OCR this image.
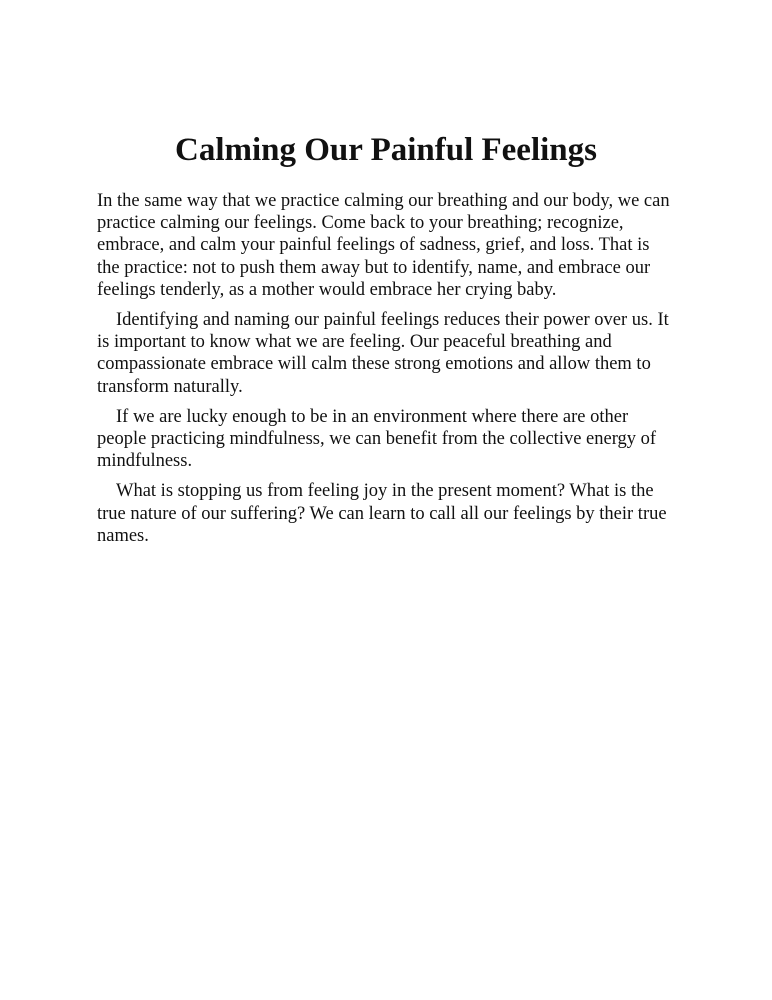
Calming Our Painful Feelings

In the same way that we practice calming our breathing and our body, we can practice calming our feelings. Come back to your breathing; recognize, embrace, and calm your painful feelings of sadness, grief, and loss. That is the practice: not to push them away but to identify, name, and embrace our feelings tenderly, as a mother would embrace her crying baby.

Identifying and naming our painful feelings reduces their power over us. It is important to know what we are feeling. Our peaceful breathing and compassionate embrace will calm these strong emotions and allow them to transform naturally.

If we are lucky enough to be in an environment where there are other people practicing mindfulness, we can benefit from the collective energy of mindfulness.

What is stopping us from feeling joy in the present moment? What is the true nature of our suffering? We can learn to call all our feelings by their true names.
